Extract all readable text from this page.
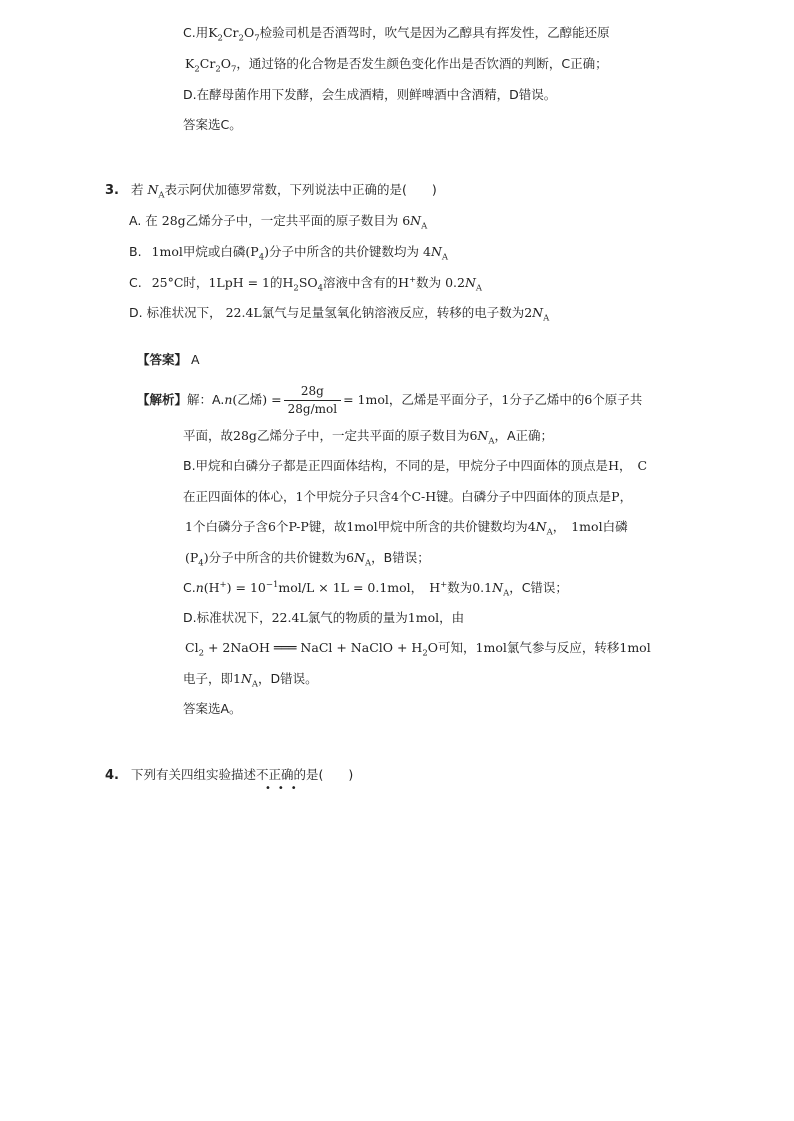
C.用$K_2Cr_2O_7$检验司机是否酒驾时，吹气是因为乙醇具有挥发性，乙醇能还原
$K_2Cr_2O_7$，通过铬的化合物是否发生颜色变化作出是否饮酒的判断，C正确；
D.在酵母菌作用下发酵，会生成酒精，则鲜啤酒中含酒精，D错误。
答案选C。
3. 若 $N_A$表示阿伏加德罗常数，下列说法中正确的是(　　)
A. 在 28g乙烯分子中，一定共平面的原子数目为 $6N_A$
B. 1mol甲烷或白磷$(P_4)$分子中所含的共价键数均为 $4N_A$
C. 25°C时，1LpH = 1的$H_2SO_4$溶液中含有的H+数为 $0.2N_A$
D. 标准状况下， 22.4L氯气与足量氢氧化钠溶液反应，转移的电子数为$2N_A$
【答案】 A
【解析】解：A.n(乙烯) = $\frac{28g}{\text{28g/mol}} = 1mol$，乙烯是平面分子，1分子乙烯中的6个原子共
平面，故28g乙烯分子中，一定共平面的原子数目为$6N_A$，A正确；
B.甲烷和白磷分子都是正四面体结构，不同的是，甲烷分子中四面体的顶点是H， C
在正四面体的体心，1个甲烷分子只含4个C-H键。白磷分子中四面体的顶点是P，
1个白磷分子含6个P-P键，故1mol甲烷中所含的共价键数均为$4N_A$， 1mol白磷
$(P_4)$分子中所含的共价键数为$6N_A$，B错误；
$C.n(H^+) = 10^{-1}mol/L \times 1L = 0.1mol$， H+数为$0.1N_A$，C错误；
D.标准状况下，22.4L氯气的物质的量为1mol，由
$Cl_2$ + 2NaOH ═══ NaCl + NaClO + $H_2O$可知，1mol氯气参与反应，转移1mol
电子，即$1N_A$，D错误。
答案选A。
4. 下列有关四组实验描述不正确的是(　　)
•••
